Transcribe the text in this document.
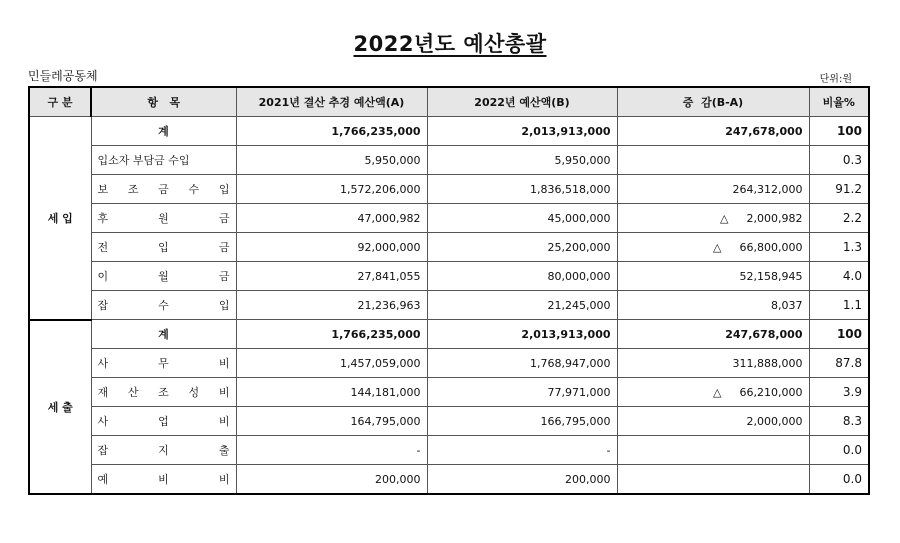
2022년도 예산총괄
민들레공동체	단위:원
구 분	항   목	2021년 결산 추경 예산액(A)	2022년 예산액(B)	증  감(B-A)	비율%
세 입	계	1,766,235,000	2,013,913,000	247,678,000	100
	입소자 부담금 수입	5,950,000	5,950,000		0.3

	보 조 금 수 입	1,572,206,000	1,836,518,000	264,312,000	91.2

	후 원 금	47,000,982	45,000,000	△ 2,000,982	2.2

	전 입 금	92,000,000	25,200,000	△ 66,800,000	1.3

	이 월 금	27,841,055	80,000,000	52,158,945	4.0

	잡 수 입	21,236,963	21,245,000	8,037	1.1
세 출	계	1,766,235,000	2,013,913,000	247,678,000	100

	사 무 비	1,457,059,000	1,768,947,000	311,888,000	87.8

	재 산 조 성 비	144,181,000	77,971,000	△ 66,210,000	3.9

	사 업 비	164,795,000	166,795,000	2,000,000	8.3

	잡 지 출	-	-		0.0

	예 비 비	200,000	200,000		0.0
